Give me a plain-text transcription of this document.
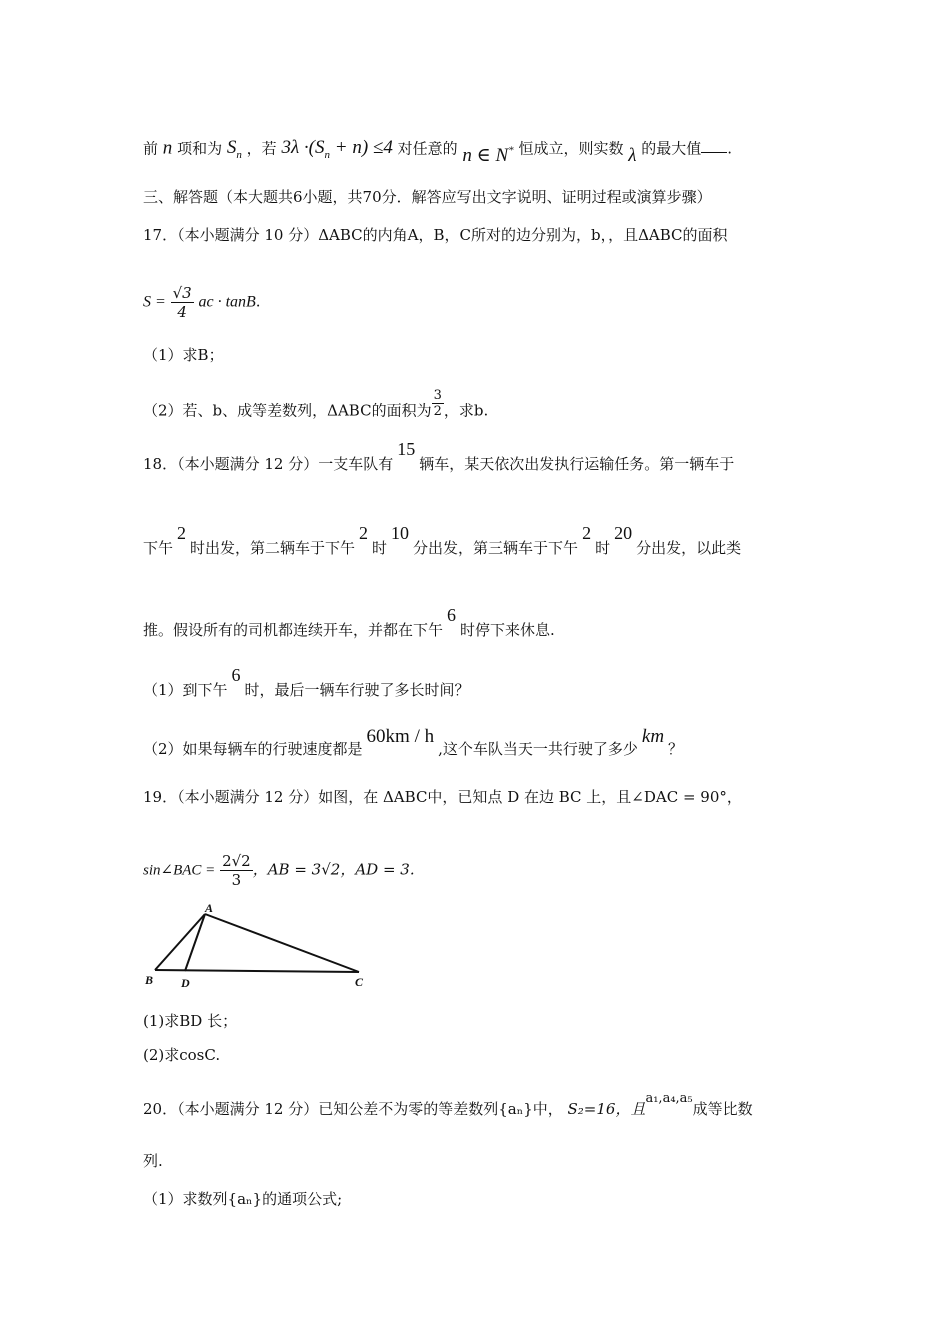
前 n 项和为 $S_n$ ，若 $3\lambda \cdot(S_n + n) \le 4$ 对任意的 n ∈ N* 恒成立，则实数 λ 的最大值 .
三、解答题（本大题共6小题，共70分．解答应写出文字说明、证明过程或演算步骤）
17．（本小题满分 10 分）ΔABC的内角A，B，C所对的边分别为，b，，且ΔABC的面积
$S = \frac{√3}{4}$ ac · tanB.
（1）求B；
（2）若、b、成等差数列，ΔABC的面积为 $\frac{3}{2}$ ，求b.
18．（本小题满分 12 分）一支车队有15辆车，某天依次出发执行运输任务。第一辆车于
下午2时出发，第二辆车于下午2时10分出发，第三辆车于下午2时20分出发，以此类
推。假设所有的司机都连续开车，并都在下午6时停下来休息.
（1）到下午6时，最后一辆车行驶了多长时间？
（2）如果每辆车的行驶速度都是60km / h,这个车队当天一共行驶了多少km？
19．（本小题满分 12 分）如图，在 ΔABC中，已知点 D 在边 BC 上，且∠DAC = 90°，
sin∠BAC = $\frac{2√2}{3}$ ，AB = 3√2，AD = 3.
A
B D	C
(1)求BD 长；
(2)求cosC.
20．（本小题满分 12 分）已知公差不为零的等差数列{aₙ}中， S₂=16，且a₁,a₄,a₅成等比数
列.
（1）求数列{aₙ}的通项公式;
